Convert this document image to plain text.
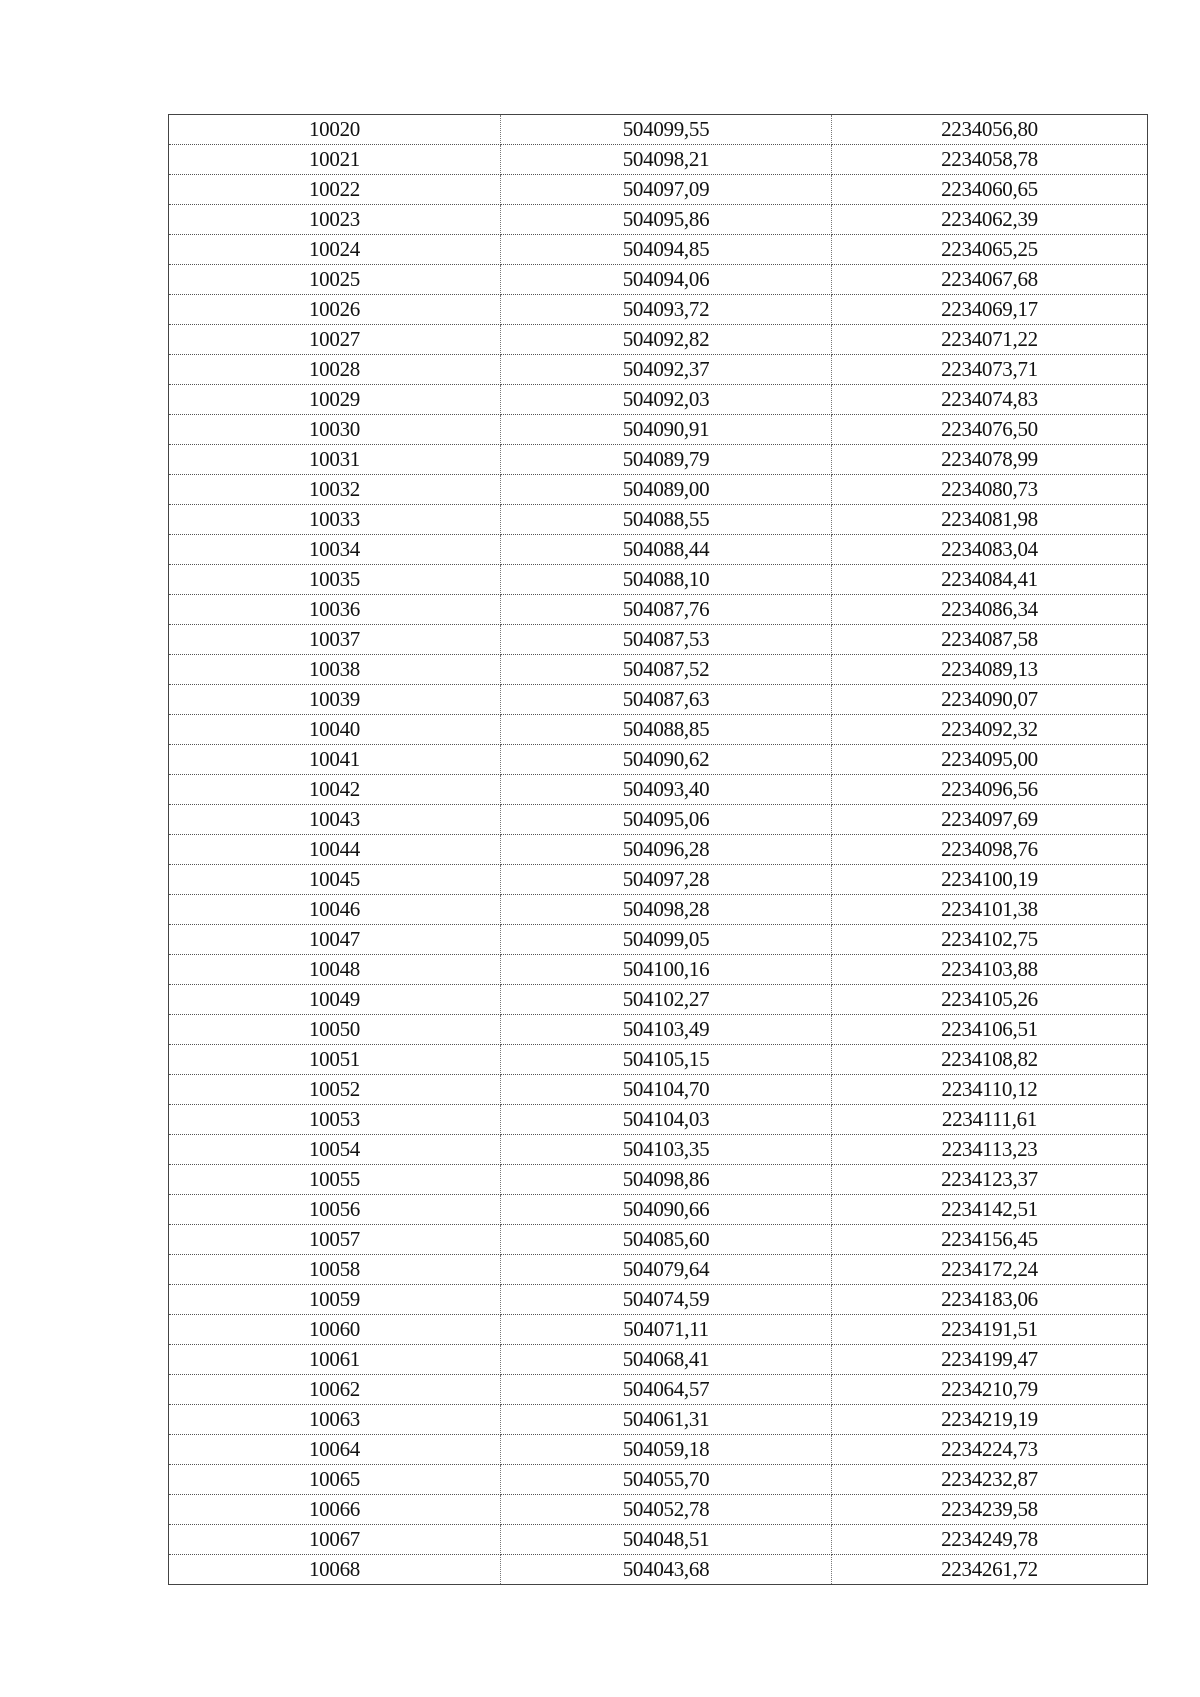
10020	504099,55	2234056,80
10021	504098,21	2234058,78
10022	504097,09	2234060,65
10023	504095,86	2234062,39
10024	504094,85	2234065,25
10025	504094,06	2234067,68
10026	504093,72	2234069,17
10027	504092,82	2234071,22
10028	504092,37	2234073,71
10029	504092,03	2234074,83
10030	504090,91	2234076,50
10031	504089,79	2234078,99
10032	504089,00	2234080,73
10033	504088,55	2234081,98
10034	504088,44	2234083,04
10035	504088,10	2234084,41
10036	504087,76	2234086,34
10037	504087,53	2234087,58
10038	504087,52	2234089,13
10039	504087,63	2234090,07
10040	504088,85	2234092,32
10041	504090,62	2234095,00
10042	504093,40	2234096,56
10043	504095,06	2234097,69
10044	504096,28	2234098,76
10045	504097,28	2234100,19
10046	504098,28	2234101,38
10047	504099,05	2234102,75
10048	504100,16	2234103,88
10049	504102,27	2234105,26
10050	504103,49	2234106,51
10051	504105,15	2234108,82
10052	504104,70	2234110,12
10053	504104,03	2234111,61
10054	504103,35	2234113,23
10055	504098,86	2234123,37
10056	504090,66	2234142,51
10057	504085,60	2234156,45
10058	504079,64	2234172,24
10059	504074,59	2234183,06
10060	504071,11	2234191,51
10061	504068,41	2234199,47
10062	504064,57	2234210,79
10063	504061,31	2234219,19
10064	504059,18	2234224,73
10065	504055,70	2234232,87
10066	504052,78	2234239,58
10067	504048,51	2234249,78
10068	504043,68	2234261,72
